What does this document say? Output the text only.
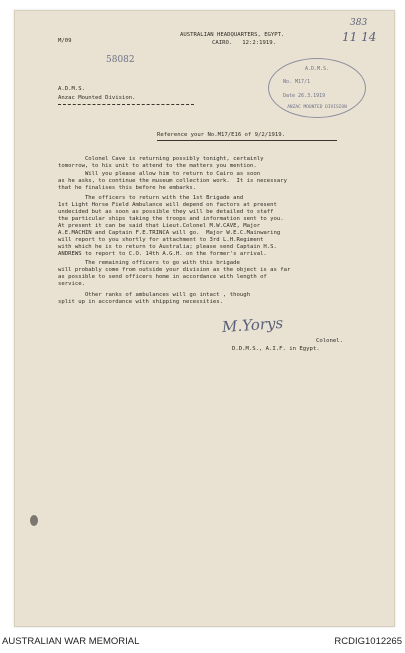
M/09
AUSTRALIAN HEADQUARTERS, EGYPT.
CAIRO.   12:2:1919.
58082
383
11 14
A.D.M.S.
No. M17/1
Date 26.3.1919
ANZAC MOUNTED DIVISION
A.D.M.S.
Anzac Mounted Division.
Reference your No.M17/E16 of 9/2/1919.
Colonel Cave is returning possibly tonight, certainly
tomorrow, to his unit to attend to the matters you mention.
Will you please allow him to return to Cairo as soon
as he asks, to continue the museum collection work.  It is necessary
that he finalises this before he embarks.
The officers to return with the 1st Brigade and
1st Light Horse Field Ambulance will depend on factors at present
undecided but as soon as possible they will be detailed to staff
the particular ships taking the troops and information sent to you.
At present it can be said that Lieut.Colonel M.W.CAVE, Major
A.E.MACHIN and Captain F.E.TRINCA will go.  Major W.E.C.Mainwaring
will report to you shortly for attachment to 3rd L.H.Regiment
with which he is to return to Australia; please send Captain H.S.
ANDREWS to report to C.O. 14th A.G.H. on the former's arrival.
The remaining officers to go with this brigade
will probably come from outside your division as the object is as far
as possible to send officers home in accordance with length of
service.
Other ranks of ambulances will go intact , though
split up in accordance with shipping necessities.
M.Yorys
Colonel.
D.D.M.S., A.I.F. in Egypt.
AUSTRALIAN WAR MEMORIAL	RCDIG1012265
